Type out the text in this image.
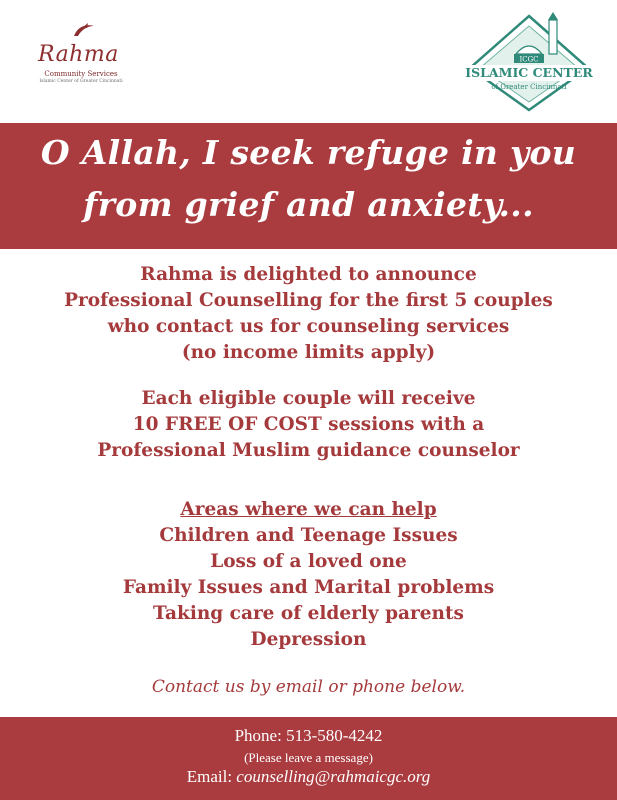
Rahma
Community Services
Islamic Center of Greater Cincinnati
ICGC
ISLAMIC CENTER
of Greater Cincinnati
O Allah, I seek refuge in you
from grief and anxiety...
Rahma is delighted to announce
Professional Counselling for the first 5 couples
who contact us for counseling services
(no income limits apply)
Each eligible couple will receive
10 FREE OF COST sessions with a
Professional Muslim guidance counselor
Areas where we can help
Children and Teenage Issues
Loss of a loved one
Family Issues and Marital problems
Taking care of elderly parents
Depression
Contact us by email or phone below.
Phone: 513-580-4242
(Please leave a message)
Email: counselling@rahmaicgc.org
